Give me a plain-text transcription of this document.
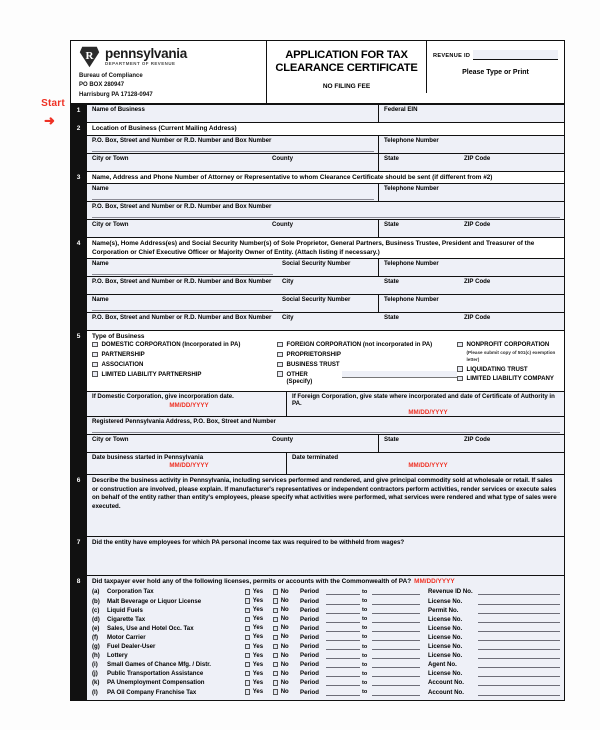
Start
➜
R pennsylvania
DEPARTMENT OF REVENUE
Bureau of Compliance
PO BOX 280947
Harrisburg PA 17128-0947
APPLICATION FOR TAX
CLEARANCE CERTIFICATE
NO FILING FEE
REVENUE ID
Please Type or Print
1	Name of Business	Federal EIN
2	Location of Business (Current Mailing Address)
P.O. Box, Street and Number or R.D. Number and Box Number	Telephone Number
City or Town	County	State	ZIP Code
3	Name, Address and Phone Number of Attorney or Representative to whom Clearance Certificate should be sent (if different from #2)
Name	Telephone Number
P.O. Box, Street and Number or R.D. Number and Box Number
City or Town	County	State	ZIP Code
4	Name(s), Home Address(es) and Social Security Number(s) of Sole Proprietor, General Partners, Business Trustee, President and Treasurer of the Corporation or Chief Executive Officer or Majority Owner of Entity. (Attach listing if necessary.)
Name	Social Security Number	Telephone Number
P.O. Box, Street and Number or R.D. Number and Box Number	City	State	ZIP Code
Name	Social Security Number	Telephone Number
P.O. Box, Street and Number or R.D. Number and Box Number	City	State	ZIP Code
5	Type of Business
DOMESTIC CORPORATION (Incorporated in PA)
PARTNERSHIP
ASSOCIATION
LIMITED LIABILITY PARTNERSHIP
FOREIGN CORPORATION (not incorporated in PA)
PROPRIETORSHIP
BUSINESS TRUST
OTHER (Specify)
NONPROFIT CORPORATION
(Please submit copy of 501(c) exemption letter)
LIQUIDATING TRUST
LIMITED LIABILITY COMPANY
If Domestic Corporation, give incorporation date.
MM/DD/YYYY
If Foreign Corporation, give state where incorporated and date of Certificate of Authority in PA.
MM/DD/YYYY
Registered Pennsylvania Address, P.O. Box, Street and Number
City or Town	County	State	ZIP Code
Date business started in Pennsylvania
MM/DD/YYYY
Date terminated
MM/DD/YYYY
6	Describe the business activity in Pennsylvania, including services performed and rendered, and give principal commodity sold at wholesale or retail. If sales or construction are involved, please explain. If manufacturer's representatives or independent contractors perform activities, render services or execute sales on behalf of the entity rather than entity's employees, please specify what activities were performed, what services were rendered and what type of sales were executed.

7	Did the entity have employees for which PA personal income tax was required to be withheld from wages?

8	Did taxpayer ever hold any of the following licenses, permits or accounts with the Commonwealth of PA? MM/DD/YYYY
(a)	Corporation Tax	Yes	No Period	to	Revenue ID No.
(b)	Malt Beverage or Liquor License	Yes	No Period	to	License No.
(c)	Liquid Fuels	Yes	No Period	to	Permit No.
(d)	Cigarette Tax	Yes	No Period	to	License No.
(e)	Sales, Use and Hotel Occ. Tax	Yes	No Period	to	License No.
(f)	Motor Carrier	Yes	No Period	to	License No.
(g)	Fuel Dealer-User	Yes	No Period	to	License No.
(h)	Lottery	Yes	No Period	to	License No.
(i)	Small Games of Chance Mfg. / Distr.	Yes	No Period	to	Agent No.
(j)	Public Transportation Assistance	Yes	No Period	to	License No.
(k)	PA Unemployment Compensation	Yes	No Period	to	Account No.
(l)	PA Oil Company Franchise Tax	Yes	No Period	to	Account No.
